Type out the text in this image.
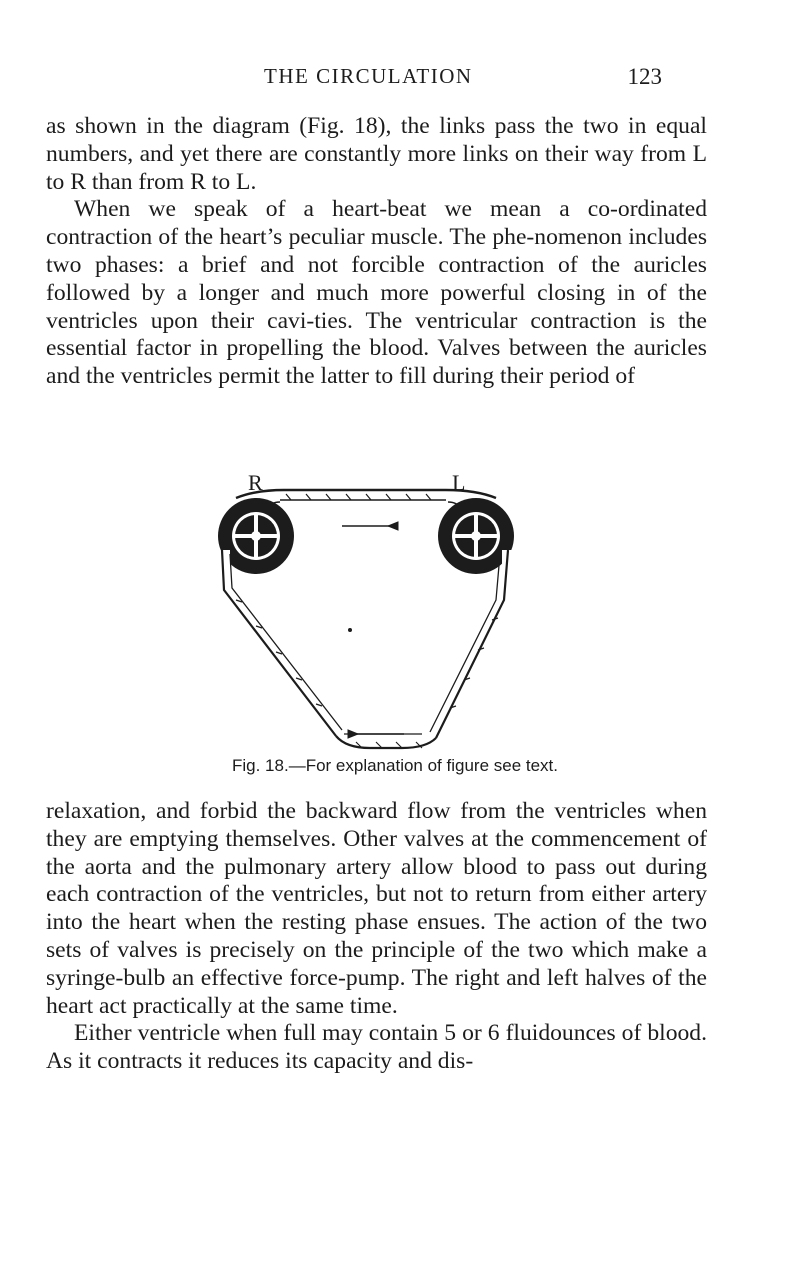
THE CIRCULATION	123

as shown in the diagram (Fig. 18), the links pass the two in equal numbers, and yet there are constantly more links on their way from L to R than from R to L.

When we speak of a heart-beat we mean a co-ordinated contraction of the heart’s peculiar muscle. The phe-nomenon includes two phases: a brief and not forcible contraction of the auricles followed by a longer and much more powerful closing in of the ventricles upon their cavi-ties. The ventricular contraction is the essential factor in propelling the blood. Valves between the auricles and the ventricles permit the latter to fill during their period of

R	L
Fig. 18.—For explanation of figure see text.

relaxation, and forbid the backward flow from the ventricles when they are emptying themselves. Other valves at the commencement of the aorta and the pulmonary artery allow blood to pass out during each contraction of the ventricles, but not to return from either artery into the heart when the resting phase ensues. The action of the two sets of valves is precisely on the principle of the two which make a syringe-bulb an effective force-pump. The right and left halves of the heart act practically at the same time.

Either ventricle when full may contain 5 or 6 fluidounces of blood. As it contracts it reduces its capacity and dis-
